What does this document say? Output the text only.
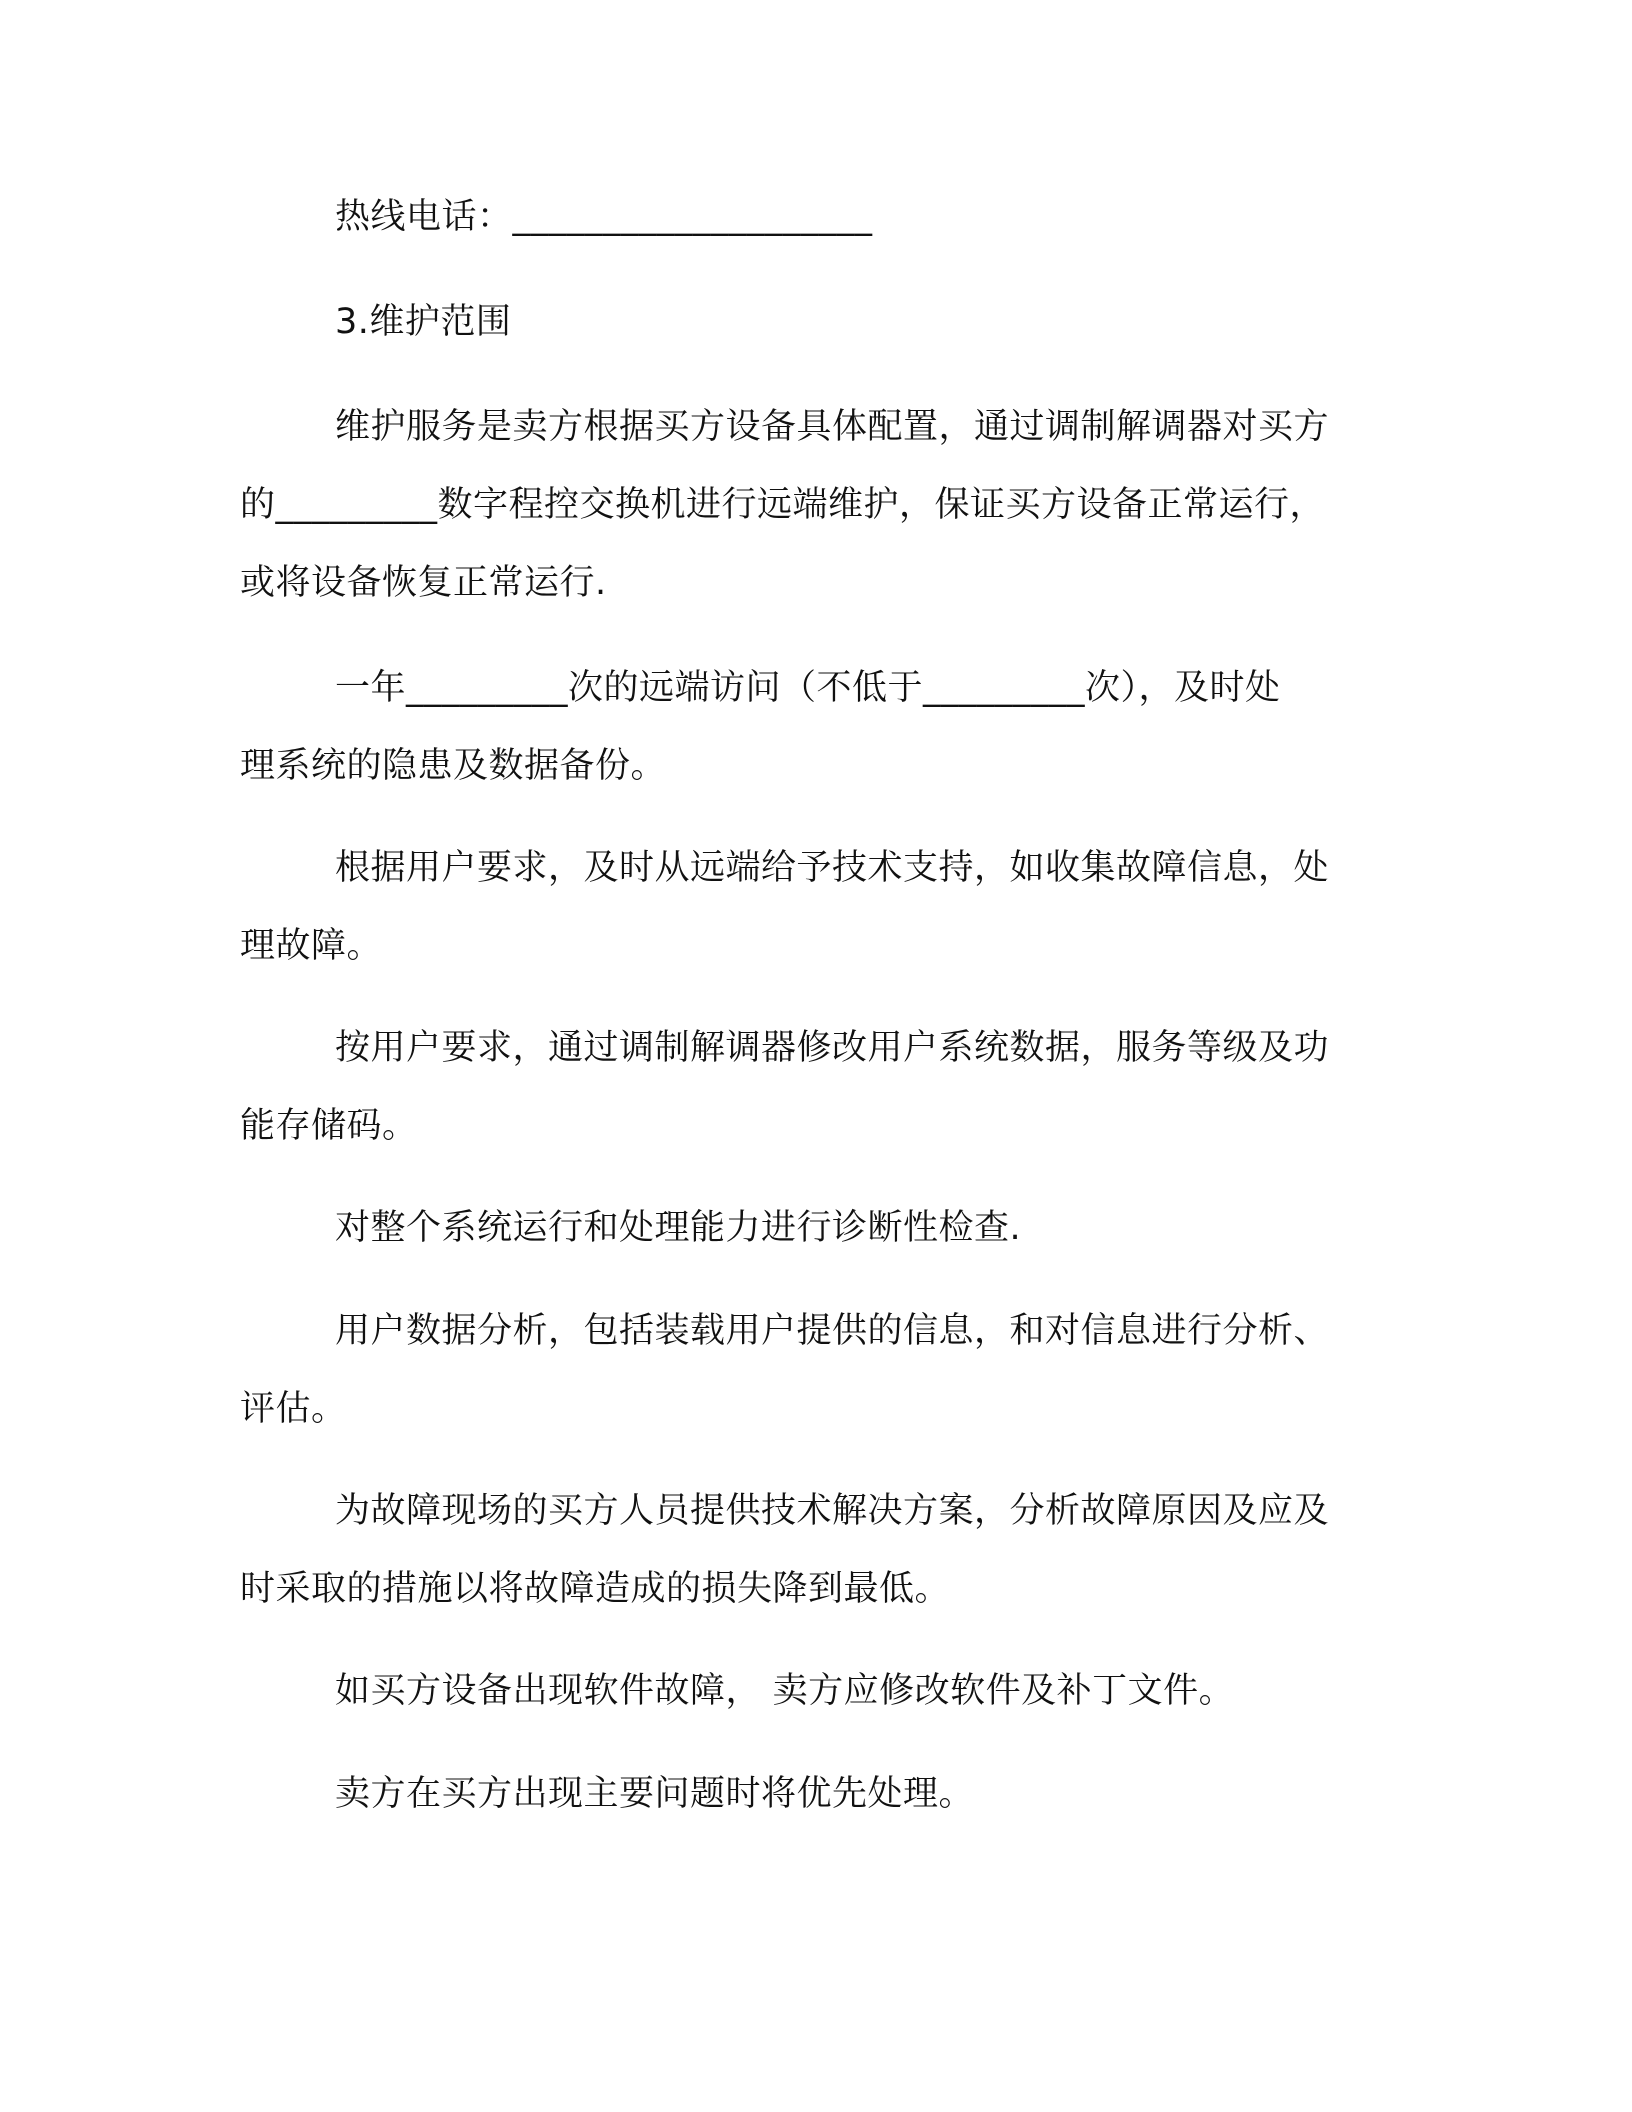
热线电话：____________________
3.维护范围
维护服务是卖方根据买方设备具体配置，通过调制解调器对买方
的_________数字程控交换机进行远端维护，保证买方设备正常运行，
或将设备恢复正常运行.
一年_________次的远端访问（不低于_________次），及时处
理系统的隐患及数据备份。
根据用户要求，及时从远端给予技术支持，如收集故障信息，处
理故障。
按用户要求，通过调制解调器修改用户系统数据，服务等级及功
能存储码。
对整个系统运行和处理能力进行诊断性检查.
用户数据分析，包括装载用户提供的信息，和对信息进行分析、
评估。
为故障现场的买方人员提供技术解决方案，分析故障原因及应及
时采取的措施以将故障造成的损失降到最低。
如买方设备出现软件故障， 卖方应修改软件及补丁文件。
卖方在买方出现主要问题时将优先处理。
